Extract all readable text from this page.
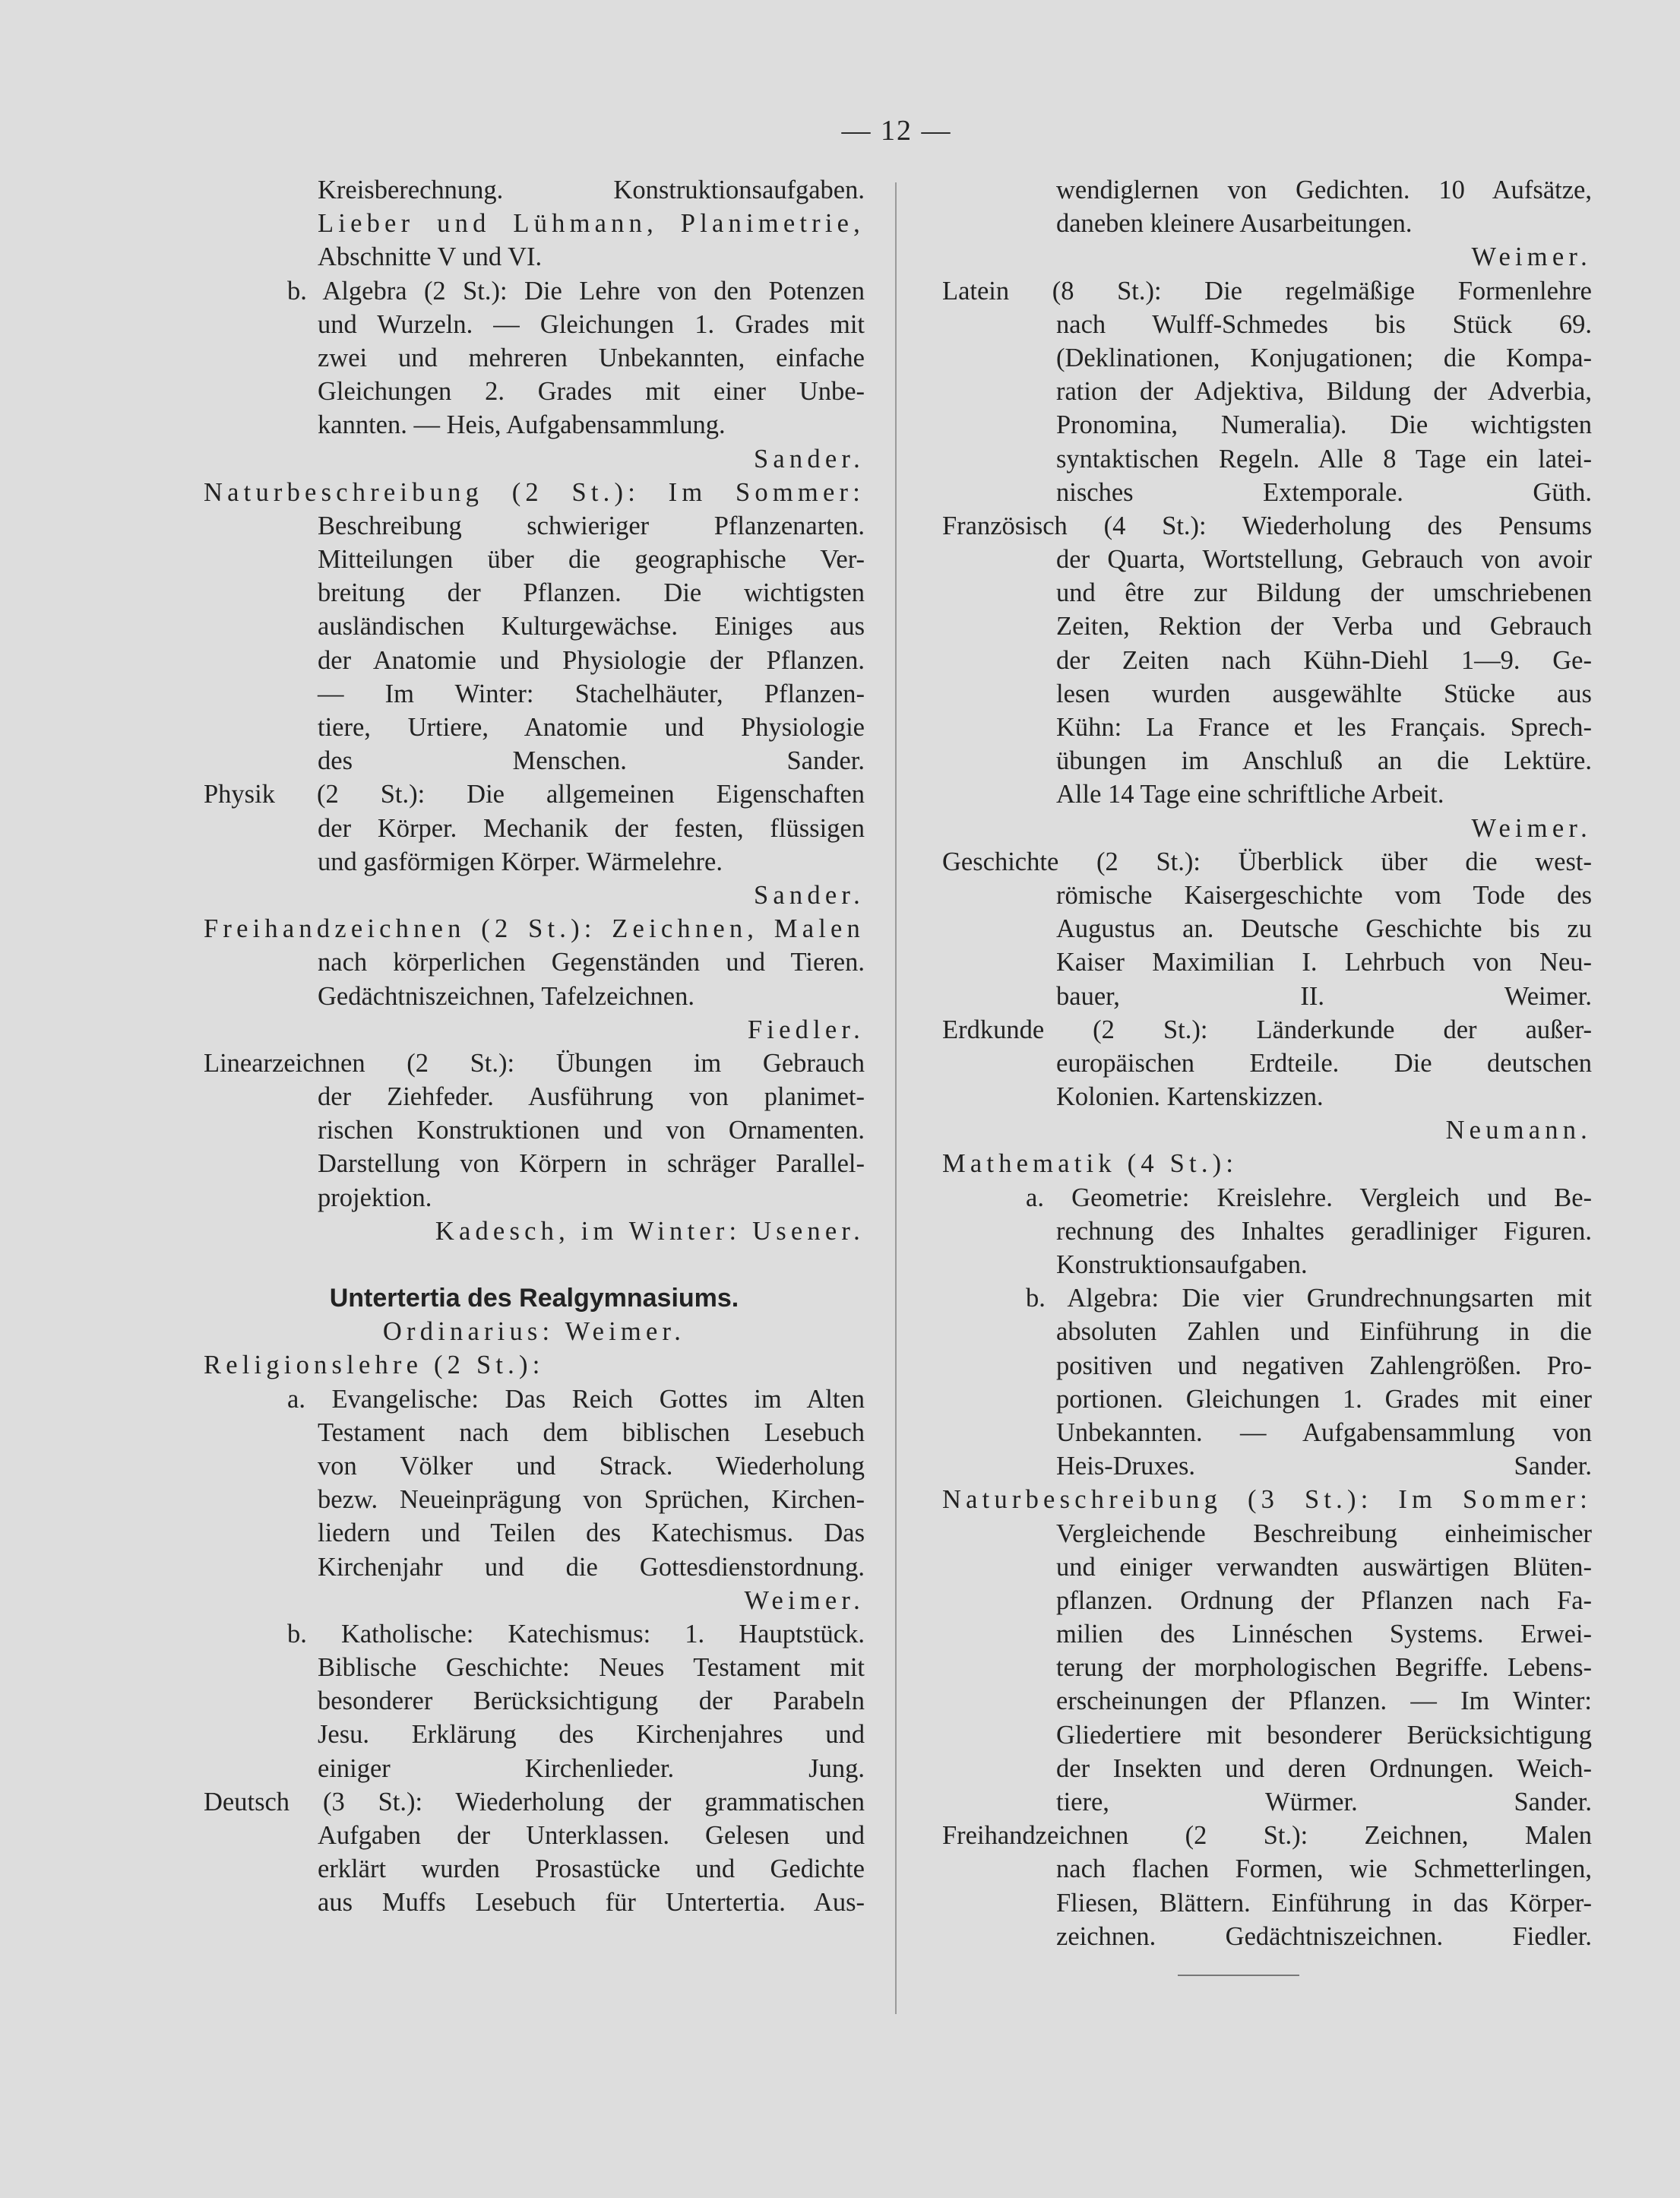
— 12 —
Kreisberechnung. Konstruktionsaufgaben.
Lieber und Lühmann, Planimetrie,
Abschnitte V und VI.
b. Algebra (2 St.): Die Lehre von den Potenzen
und Wurzeln. — Gleichungen 1. Grades mit
zwei und mehreren Unbekannten, einfache
Gleichungen 2. Grades mit einer Unbe-
kannten. — Heis, Aufgabensammlung.
Sander.
Naturbeschreibung (2 St.): Im Sommer:
Beschreibung schwieriger Pflanzenarten.
Mitteilungen über die geographische Ver-
breitung der Pflanzen. Die wichtigsten
ausländischen Kulturgewächse. Einiges aus
der Anatomie und Physiologie der Pflanzen.
— Im Winter: Stachelhäuter, Pflanzen-
tiere, Urtiere, Anatomie und Physiologie
des Menschen. Sander.
Physik (2 St.): Die allgemeinen Eigenschaften
der Körper. Mechanik der festen, flüssigen
und gasförmigen Körper. Wärmelehre.
Sander.
Freihandzeichnen (2 St.): Zeichnen, Malen
nach körperlichen Gegenständen und Tieren.
Gedächtniszeichnen, Tafelzeichnen.
Fiedler.
Linearzeichnen (2 St.): Übungen im Gebrauch
der Ziehfeder. Ausführung von planimet-
rischen Konstruktionen und von Ornamenten.
Darstellung von Körpern in schräger Parallel-
projektion.
Kadesch, im Winter: Usener.
Untertertia des Realgymnasiums.
Ordinarius: Weimer.
Religionslehre (2 St.):
a. Evangelische: Das Reich Gottes im Alten
Testament nach dem biblischen Lesebuch
von Völker und Strack. Wiederholung
bezw. Neueinprägung von Sprüchen, Kirchen-
liedern und Teilen des Katechismus. Das
Kirchenjahr und die Gottesdienstordnung.
Weimer.
b. Katholische: Katechismus: 1. Hauptstück.
Biblische Geschichte: Neues Testament mit
besonderer Berücksichtigung der Parabeln
Jesu. Erklärung des Kirchenjahres und
einiger Kirchenlieder. Jung.
Deutsch (3 St.): Wiederholung der grammatischen
Aufgaben der Unterklassen. Gelesen und
erklärt wurden Prosastücke und Gedichte
aus Muffs Lesebuch für Untertertia. Aus-
wendiglernen von Gedichten. 10 Aufsätze,
daneben kleinere Ausarbeitungen.
Weimer.
Latein (8 St.): Die regelmäßige Formenlehre
nach Wulff-Schmedes bis Stück 69.
(Deklinationen, Konjugationen; die Kompa-
ration der Adjektiva, Bildung der Adverbia,
Pronomina, Numeralia). Die wichtigsten
syntaktischen Regeln. Alle 8 Tage ein latei-
nisches Extemporale. Güth.
Französisch (4 St.): Wiederholung des Pensums
der Quarta, Wortstellung, Gebrauch von avoir
und être zur Bildung der umschriebenen
Zeiten, Rektion der Verba und Gebrauch
der Zeiten nach Kühn-Diehl 1—9. Ge-
lesen wurden ausgewählte Stücke aus
Kühn: La France et les Français. Sprech-
übungen im Anschluß an die Lektüre.
Alle 14 Tage eine schriftliche Arbeit.
Weimer.
Geschichte (2 St.): Überblick über die west-
römische Kaisergeschichte vom Tode des
Augustus an. Deutsche Geschichte bis zu
Kaiser Maximilian I. Lehrbuch von Neu-
bauer, II. Weimer.
Erdkunde (2 St.): Länderkunde der außer-
europäischen Erdteile. Die deutschen
Kolonien. Kartenskizzen.
Neumann.
Mathematik (4 St.):
a. Geometrie: Kreislehre. Vergleich und Be-
rechnung des Inhaltes geradliniger Figuren.
Konstruktionsaufgaben.
b. Algebra: Die vier Grundrechnungsarten mit
absoluten Zahlen und Einführung in die
positiven und negativen Zahlengrößen. Pro-
portionen. Gleichungen 1. Grades mit einer
Unbekannten. — Aufgabensammlung von
Heis-Druxes. Sander.
Naturbeschreibung (3 St.): Im Sommer:
Vergleichende Beschreibung einheimischer
und einiger verwandten auswärtigen Blüten-
pflanzen. Ordnung der Pflanzen nach Fa-
milien des Linnéschen Systems. Erwei-
terung der morphologischen Begriffe. Lebens-
erscheinungen der Pflanzen. — Im Winter:
Gliedertiere mit besonderer Berücksichtigung
der Insekten und deren Ordnungen. Weich-
tiere, Würmer. Sander.
Freihandzeichnen (2 St.): Zeichnen, Malen
nach flachen Formen, wie Schmetterlingen,
Fliesen, Blättern. Einführung in das Körper-
zeichnen. Gedächtniszeichnen. Fiedler.
